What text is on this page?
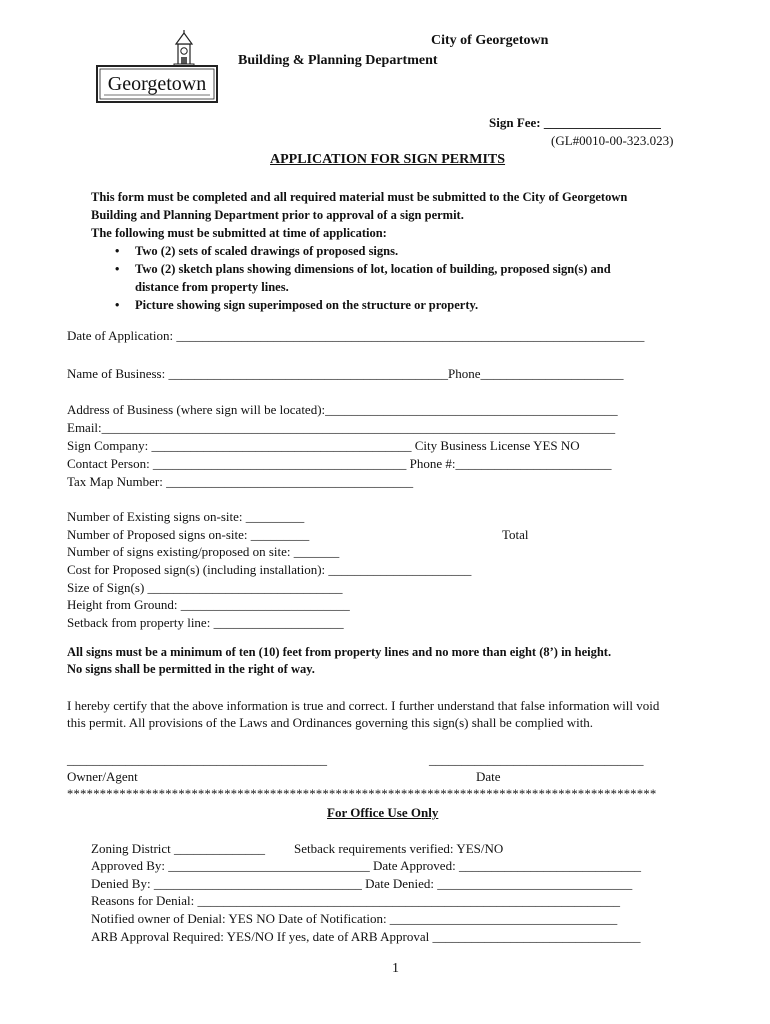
Georgetown
City of Georgetown
Building & Planning Department
Sign Fee: __________________
(GL#0010-00-323.023)
APPLICATION FOR SIGN PERMITS
This form must be completed and all required material must be submitted to the City of Georgetown
Building and Planning Department prior to approval of a sign permit.
The following must be submitted at time of application:
• Two (2) sets of scaled drawings of proposed signs.
• Two (2) sketch plans showing dimensions of lot, location of building, proposed sign(s) and
distance from property lines.
• Picture showing sign superimposed on the structure or property.
Date of Application: ________________________________________________________________________
Name of Business: ___________________________________________Phone______________________
Address of Business (where sign will be located):_____________________________________________
Email:_______________________________________________________________________________
Sign Company: ________________________________________ City Business License YES NO
Contact Person: _______________________________________ Phone #:________________________
Tax Map Number: ______________________________________
Number of Existing signs on-site: _________
Number of Proposed signs on-site: _________	Total
Number of signs existing/proposed on site: _______
Cost for Proposed sign(s) (including installation): ______________________
Size of Sign(s) ______________________________
Height from Ground: __________________________
Setback from property line: ____________________
All signs must be a minimum of ten (10) feet from property lines and no more than eight (8’) in height.
No signs shall be permitted in the right of way.
I hereby certify that the above information is true and correct. I further understand that false information will void
this permit. All provisions of the Laws and Ordinances governing this sign(s) shall be complied with.
________________________________________	_________________________________
Owner/Agent	Date
******************************************************************************************
For Office Use Only
Zoning District ______________ Setback requirements verified: YES/NO
Approved By: _______________________________ Date Approved: ____________________________
Denied By: ________________________________ Date Denied: ______________________________
Reasons for Denial: _________________________________________________________________
Notified owner of Denial: YES NO Date of Notification: ___________________________________
ARB Approval Required: YES/NO If yes, date of ARB Approval ________________________________
1
